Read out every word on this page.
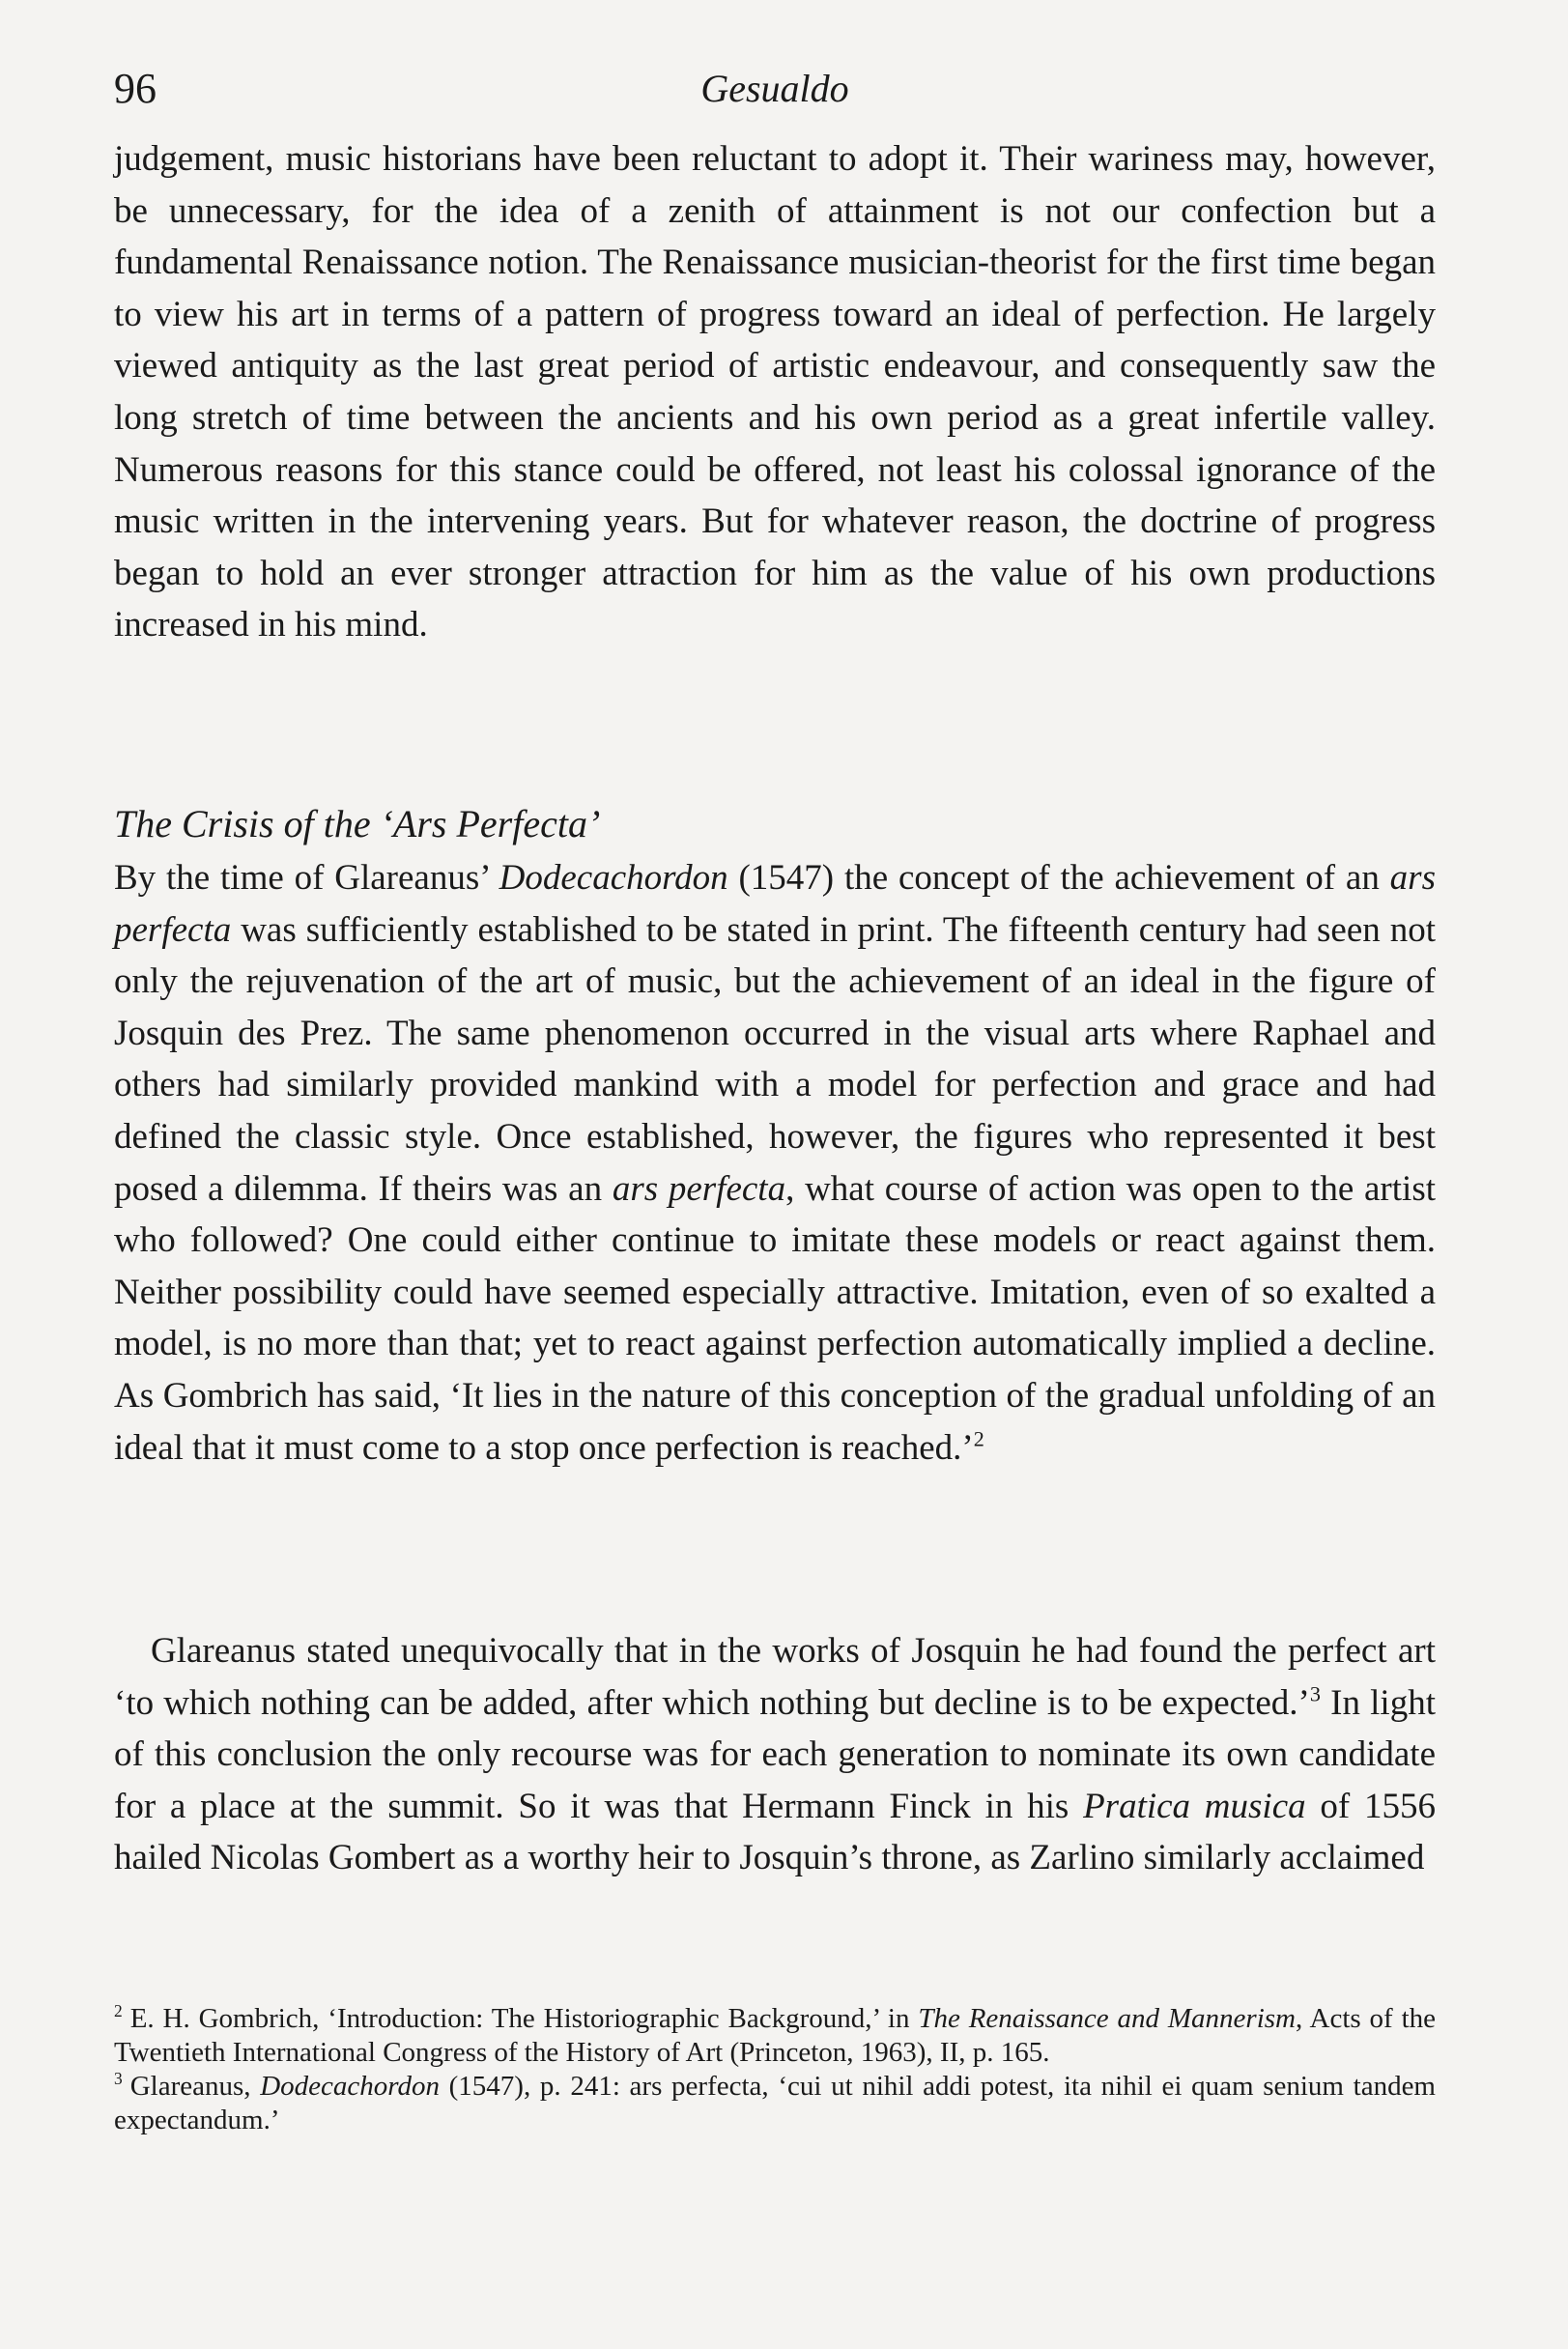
96	Gesualdo

judgement, music historians have been reluctant to adopt it. Their wariness may, however, be unnecessary, for the idea of a zenith of attainment is not our confection but a fundamental Renaissance notion. The Renaissance musician-theorist for the first time began to view his art in terms of a pattern of progress toward an ideal of perfection. He largely viewed antiquity as the last great period of artistic endeavour, and consequently saw the long stretch of time between the ancients and his own period as a great infertile valley. Numerous reasons for this stance could be offered, not least his colossal ignorance of the music written in the intervening years. But for whatever reason, the doctrine of progress began to hold an ever stronger attraction for him as the value of his own productions increased in his mind.

The Crisis of the ‘Ars Perfecta’

By the time of Glareanus’ Dodecachordon (1547) the concept of the achievement of an ars perfecta was sufficiently established to be stated in print. The fifteenth century had seen not only the rejuvenation of the art of music, but the achievement of an ideal in the figure of Josquin des Prez. The same phenomenon occurred in the visual arts where Raphael and others had similarly provided mankind with a model for perfection and grace and had defined the classic style. Once established, however, the figures who represented it best posed a dilemma. If theirs was an ars perfecta, what course of action was open to the artist who followed? One could either continue to imitate these models or react against them. Neither possibility could have seemed especially attractive. Imitation, even of so exalted a model, is no more than that; yet to react against perfection automatically implied a decline. As Gombrich has said, ‘It lies in the nature of this conception of the gradual unfolding of an ideal that it must come to a stop once perfection is reached.’$^2$

Glareanus stated unequivocally that in the works of Josquin he had found the perfect art ‘to which nothing can be added, after which nothing but decline is to be expected.’$^3$ In light of this conclusion the only recourse was for each generation to nominate its own candidate for a place at the summit. So it was that Hermann Finck in his Pratica musica of 1556 hailed Nicolas Gombert as a worthy heir to Josquin’s throne, as Zarlino similarly acclaimed

$^2$ E. H. Gombrich, ‘Introduction: The Historiographic Background,’ in The Renaissance and Mannerism, Acts of the Twentieth International Congress of the History of Art (Princeton, 1963), II, p. 165.

$^3$ Glareanus, Dodecachordon (1547), p. 241: ars perfecta, ‘cui ut nihil addi potest, ita nihil ei quam senium tandem expectandum.’
